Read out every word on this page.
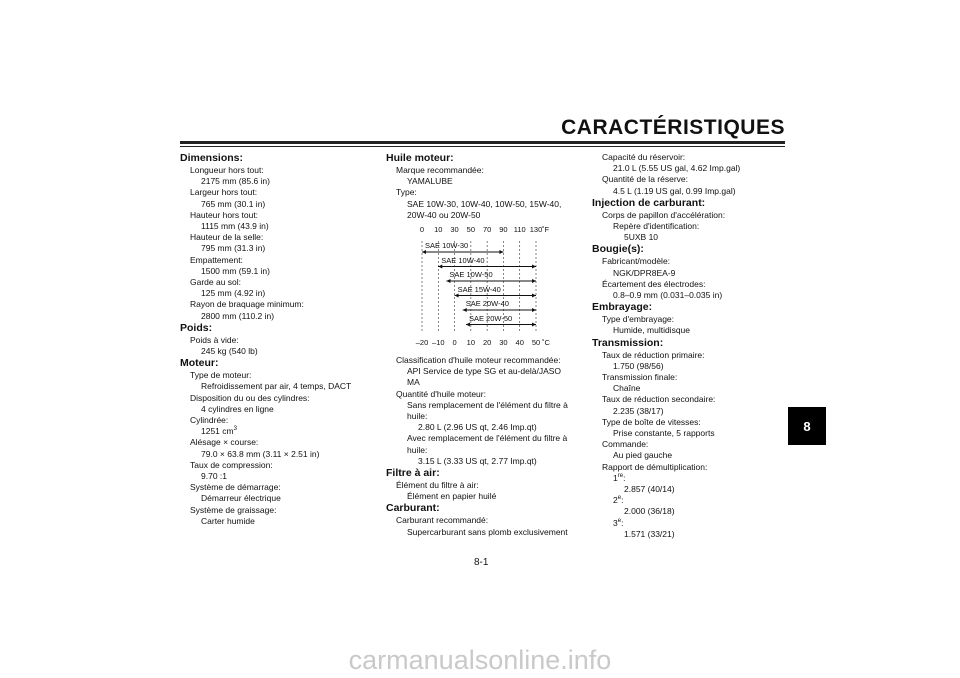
CARACTÉRISTIQUES
Dimensions:
Longueur hors tout:
2175 mm (85.6 in)
Largeur hors tout:
765 mm (30.1 in)
Hauteur hors tout:
1115 mm (43.9 in)
Hauteur de la selle:
795 mm (31.3 in)
Empattement:
1500 mm (59.1 in)
Garde au sol:
125 mm (4.92 in)
Rayon de braquage minimum:
2800 mm (110.2 in)
Poids:
Poids à vide:
245 kg (540 lb)
Moteur:
Type de moteur:
Refroidissement par air, 4 temps, DACT
Disposition du ou des cylindres:
4 cylindres en ligne
Cylindrée:
1251 $cm^3$
Alésage × course:
79.0 × 63.8 mm (3.11 × 2.51 in)
Taux de compression:
9.70 :1
Système de démarrage:
Démarreur électrique
Système de graissage:
Carter humide
Huile moteur:
Marque recommandée:
YAMALUBE
Type:
SAE 10W-30, 10W-40, 10W-50, 15W-40,
20W-40 ou 20W-50
Classification d'huile moteur recommandée:
API Service de type SG et au-delà/JASO
MA
Quantité d'huile moteur:
Sans remplacement de l'élément du filtre à
huile:
2.80 L (2.96 US qt, 2.46 Imp.qt)
Avec remplacement de l'élément du filtre à
huile:
3.15 L (3.33 US qt, 2.77 Imp.qt)
Filtre à air:
Élément du filtre à air:
Élément en papier huilé
Carburant:
Carburant recommandé:
Supercarburant sans plomb exclusivement
Capacité du réservoir:
21.0 L (5.55 US gal, 4.62 Imp.gal)
Quantité de la réserve:
4.5 L (1.19 US gal, 0.99 Imp.gal)
Injection de carburant:
Corps de papillon d'accélération:
Repère d'identification:
5UXB 10
Bougie(s):
Fabricant/modèle:
NGK/DPR8EA-9
Écartement des électrodes:
0.8–0.9 mm (0.031–0.035 in)
Embrayage:
Type d'embrayage:
Humide, multidisque
Transmission:
Taux de réduction primaire:
1.750 (98/56)
Transmission finale:
Chaîne
Taux de réduction secondaire:
2.235 (38/17)
Type de boîte de vitesses:
Prise constante, 5 rapports
Commande:
Au pied gauche
Rapport de démultiplication:
1re:
2.857 (40/14)
2e:
2.000 (36/18)
3e:
1.571 (33/21)
0
–20
10
–10
30
0
50
10
70
20
90
30
110
40
130
50
˚F
˚C
SAE 10W-30
SAE 10W-40
SAE 10W-50
SAE 15W-40
SAE 20W-40
SAE 20W-50
8
8-1
carmanualsonline.info
